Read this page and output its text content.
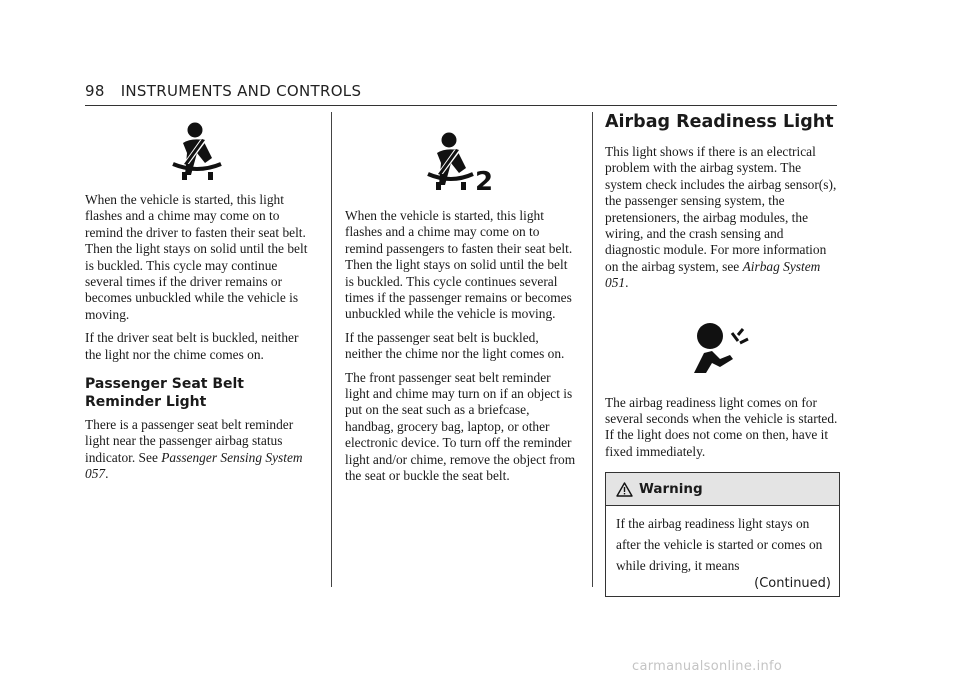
98 INSTRUMENTS AND CONTROLS

When the vehicle is started, this light flashes and a chime may come on to remind the driver to fasten their seat belt. Then the light stays on solid until the belt is buckled. This cycle may continue several times if the driver remains or becomes unbuckled while the vehicle is moving.

If the driver seat belt is buckled, neither the light nor the chime comes on.

Passenger Seat Belt Reminder Light

There is a passenger seat belt reminder light near the passenger airbag status indicator. See Passenger Sensing System 057.

2

When the vehicle is started, this light flashes and a chime may come on to remind passengers to fasten their seat belt. Then the light stays on solid until the belt is buckled. This cycle continues several times if the passenger remains or becomes unbuckled while the vehicle is moving.

If the passenger seat belt is buckled, neither the chime nor the light comes on.

The front passenger seat belt reminder light and chime may turn on if an object is put on the seat such as a briefcase, handbag, grocery bag, laptop, or other electronic device. To turn off the reminder light and/or chime, remove the object from the seat or buckle the seat belt.

Airbag Readiness Light

This light shows if there is an electrical problem with the airbag system. The system check includes the airbag sensor(s), the passenger sensing system, the pretensioners, the airbag modules, the wiring, and the crash sensing and diagnostic module. For more information on the airbag system, see Airbag System 051.

The airbag readiness light comes on for several seconds when the vehicle is started. If the light does not come on then, have it fixed immediately.

Warning

If the airbag readiness light stays on after the vehicle is started or comes on while driving, it means

(Continued)
carmanualsonline.info
